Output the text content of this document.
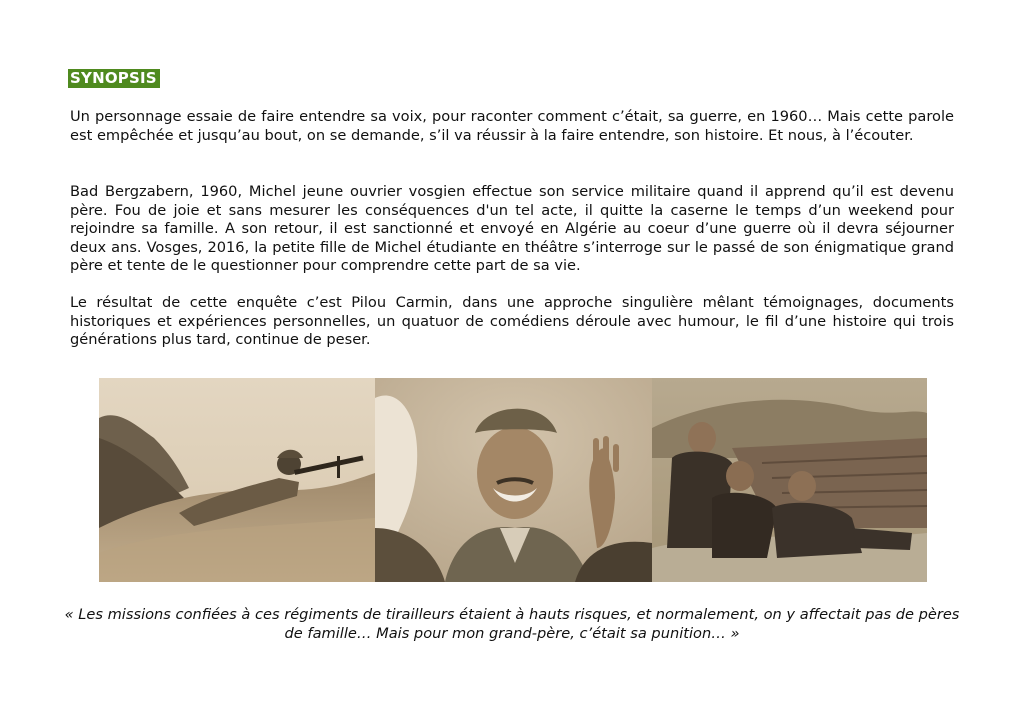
SYNOPSIS

Un personnage essaie de faire entendre sa voix, pour raconter comment c’était, sa guerre, en 1960… Mais cette parole est empêchée et jusqu’au bout, on se demande, s’il va réussir à la faire entendre, son histoire. Et nous, à l’écouter.

Bad Bergzabern, 1960, Michel jeune ouvrier vosgien effectue son service militaire quand il apprend qu’il est devenu père. Fou de joie et sans mesurer les conséquences d'un tel acte, il quitte la caserne le temps d’un weekend pour rejoindre sa famille. A son retour, il est sanctionné et envoyé en Algérie au coeur d’une guerre où il devra séjourner deux ans. Vosges, 2016, la petite fille de Michel étudiante en théâtre s’interroge sur le passé de son énigmatique grand père et tente de le questionner pour comprendre cette part de sa vie.

Le résultat de cette enquête c’est Pilou Carmin, dans une approche singulière mêlant témoignages, documents historiques et expériences personnelles, un quatuor de comédiens déroule avec humour, le fil d’une histoire qui trois générations plus tard, continue de peser.

« Les missions confiées à ces régiments de tirailleurs étaient à hauts risques, et normalement, on y affectait pas de pères de famille… Mais pour mon grand-père, c’était sa punition… »
